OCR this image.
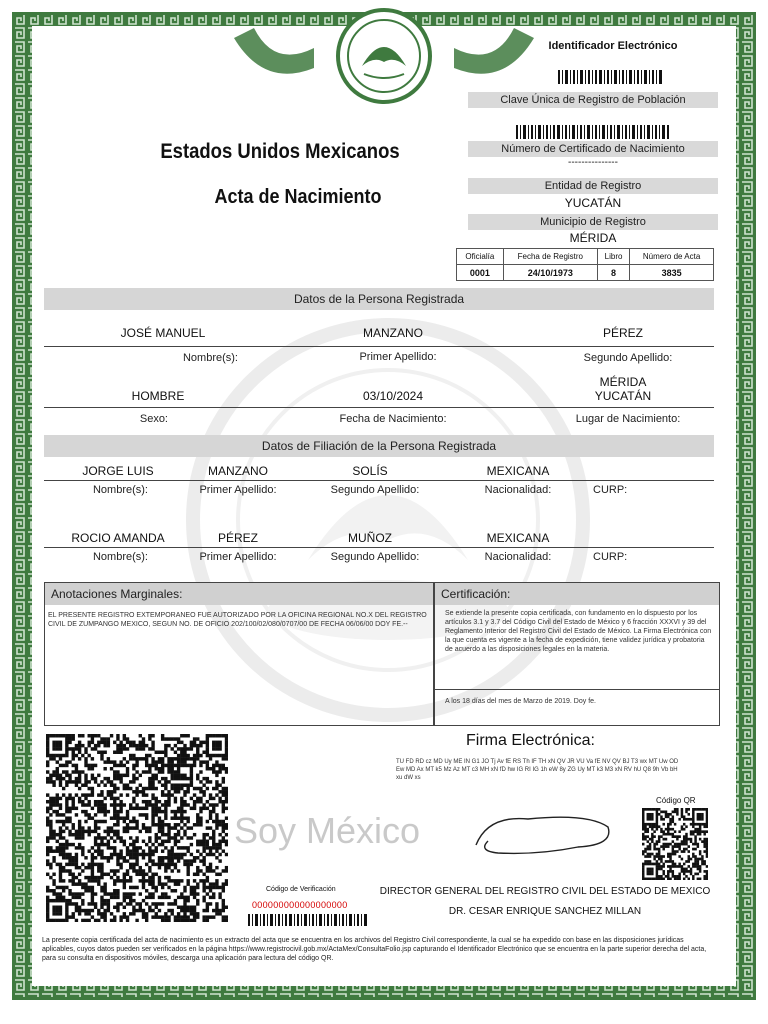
Identificador Electrónico
Clave Única de Registro de Población
Número de Certificado de Nacimiento
---------------
Entidad de Registro
YUCATÁN
Municipio de Registro
MÉRIDA
Oficialía	Fecha de Registro	Libro	Número de Acta
0001	24/10/1973	8	3835
Estados Unidos Mexicanos
Acta de Nacimiento
Datos de la Persona Registrada
JOSÉ MANUEL	MANZANO	PÉREZ
Nombre(s):	Primer Apellido:	Segundo Apellido:
HOMBRE	03/10/2024
MÉRIDA
YUCATÁN
Sexo:	Fecha de Nacimiento:	Lugar de Nacimiento:
Datos de Filiación de la Persona Registrada
JORGE LUIS	MANZANO	SOLÍS	MEXICANA
Nombre(s):	Primer Apellido:	Segundo Apellido:	Nacionalidad:	CURP:
ROCIO AMANDA	PÉREZ	MUÑOZ	MEXICANA
Nombre(s):	Primer Apellido:	Segundo Apellido:	Nacionalidad:	CURP:
Anotaciones Marginales:
EL PRESENTE REGISTRO EXTEMPORANEO FUE AUTORIZADO POR LA OFICINA REGIONAL NO.X DEL REGISTRO CIVIL DE ZUMPANGO MEXICO, SEGUN NO. DE OFICIO 202/100/02/080/0707/00 DE FECHA 06/06/00 DOY FE.--
Certificación:
Se extiende la presente copia certificada, con fundamento en lo dispuesto por los artículos 3.1 y 3.7 del Código Civil del Estado de México y 6 fracción XXXVI y 39 del Reglamento Interior del Registro Civil del Estado de México. La Firma Electrónica con la que cuenta es vigente a la fecha de expedición, tiene validez jurídica y probatoria de acuerdo a las disposiciones legales en la materia.
A los 18 días del mes de Marzo de 2019. Doy fe.
Soy México
Firma Electrónica:
TU FD RD cz MD Uy ME IN G1 JO Tj Av fE RS Th IF TH xN QV JR VU Va fE NV QV BJ T3 wx MT Uw OD Ew MD Ax MT k5 Mz Az MT c3 MH xN fD hw IG RI IG 1h eW 8y ZG Uy MT k3 M3 xN RV hU Q8 9h Vb bH xu dW xs
Código QR
Código de Verificación
000000000000000000
DIRECTOR GENERAL DEL REGISTRO CIVIL DEL ESTADO DE MEXICO
DR. CESAR ENRIQUE SANCHEZ MILLAN
La presente copia certificada del acta de nacimiento es un extracto del acta que se encuentra en los archivos del Registro Civil correspondiente, la cual se ha expedido con base en las disposiciones jurídicas aplicables, cuyos datos pueden ser verificados en la página https://www.registrocivil.gob.mx/ActaMex/ConsultaFolio.jsp capturando el Identificador Electrónico que se encuentra en la parte superior derecha del acta, para su consulta en dispositivos móviles, descarga una aplicación para lectura del código QR.
